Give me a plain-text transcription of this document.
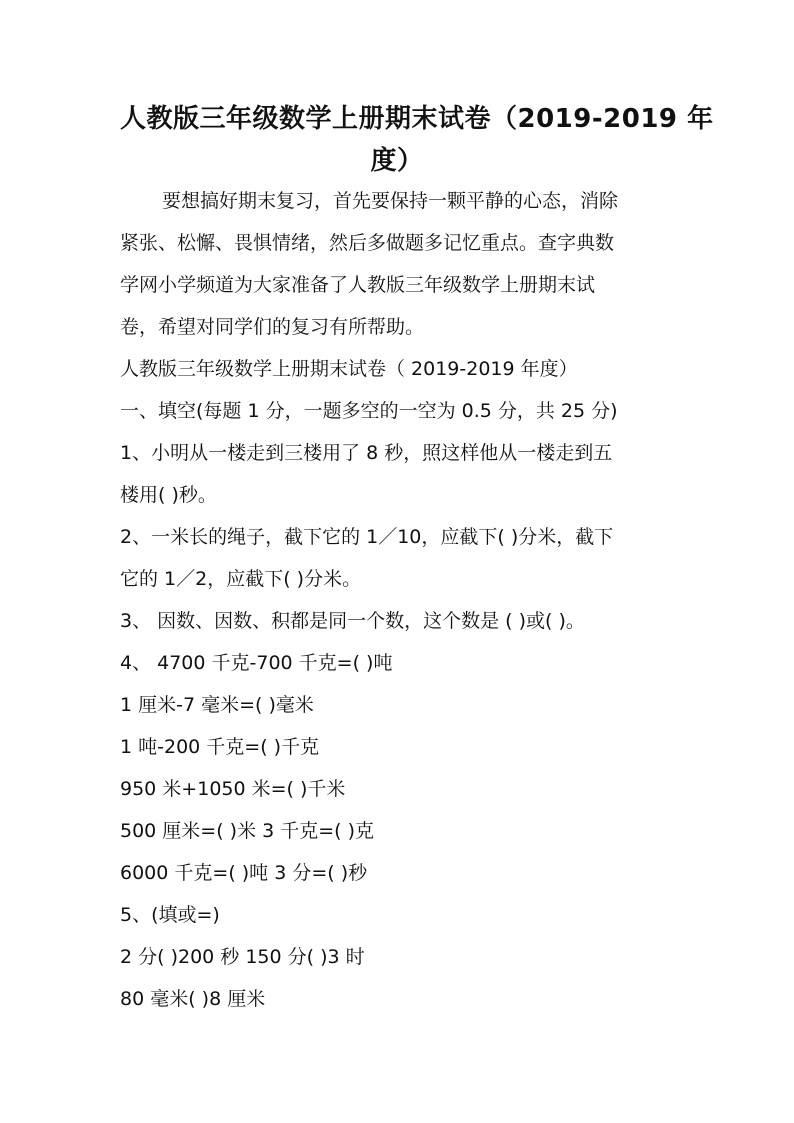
人教版三年级数学上册期末试卷（2019-2019 年
度）
要想搞好期末复习，首先要保持一颗平静的心态，消除
紧张、松懈、畏惧情绪，然后多做题多记忆重点。查字典数
学网小学频道为大家准备了人教版三年级数学上册期末试
卷，希望对同学们的复习有所帮助。
人教版三年级数学上册期末试卷（ 2019-2019 年度）
一、填空(每题 1 分，一题多空的一空为 0.5 分，共 25 分)
1、小明从一楼走到三楼用了 8 秒，照这样他从一楼走到五
楼用( )秒。
2、一米长的绳子，截下它的 1／10，应截下( )分米，截下
它的 1／2，应截下( )分米。
3、 因数、因数、积都是同一个数，这个数是 ( )或( )。
4、 4700 千克-700 千克=( )吨
1 厘米-7 毫米=( )毫米
1 吨-200 千克=( )千克
950 米+1050 米=( )千米
500 厘米=( )米 3 千克=( )克
6000 千克=( )吨 3 分=( )秒
5、(填或=)
2 分( )200 秒 150 分( )3 时
80 毫米( )8 厘米
